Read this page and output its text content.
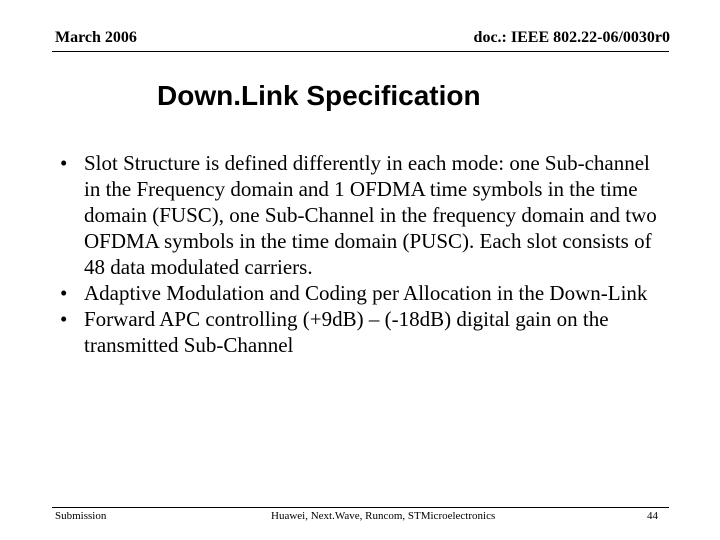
March 2006	doc.: IEEE 802.22-06/0030r0
Down.Link Specification
• Slot Structure is defined differently in each mode: one Sub-channel in the Frequency domain and 1 OFDMA time symbols in the time domain (FUSC), one Sub-Channel in the frequency domain and two OFDMA symbols in the time domain (PUSC). Each slot consists of 48 data modulated carriers.
• Adaptive Modulation and Coding per Allocation in the Down-Link
• Forward APC controlling (+9dB) – (-18dB) digital gain on the transmitted Sub-Channel
Submission	Huawei, Next.Wave, Runcom, STMicroelectronics	44
